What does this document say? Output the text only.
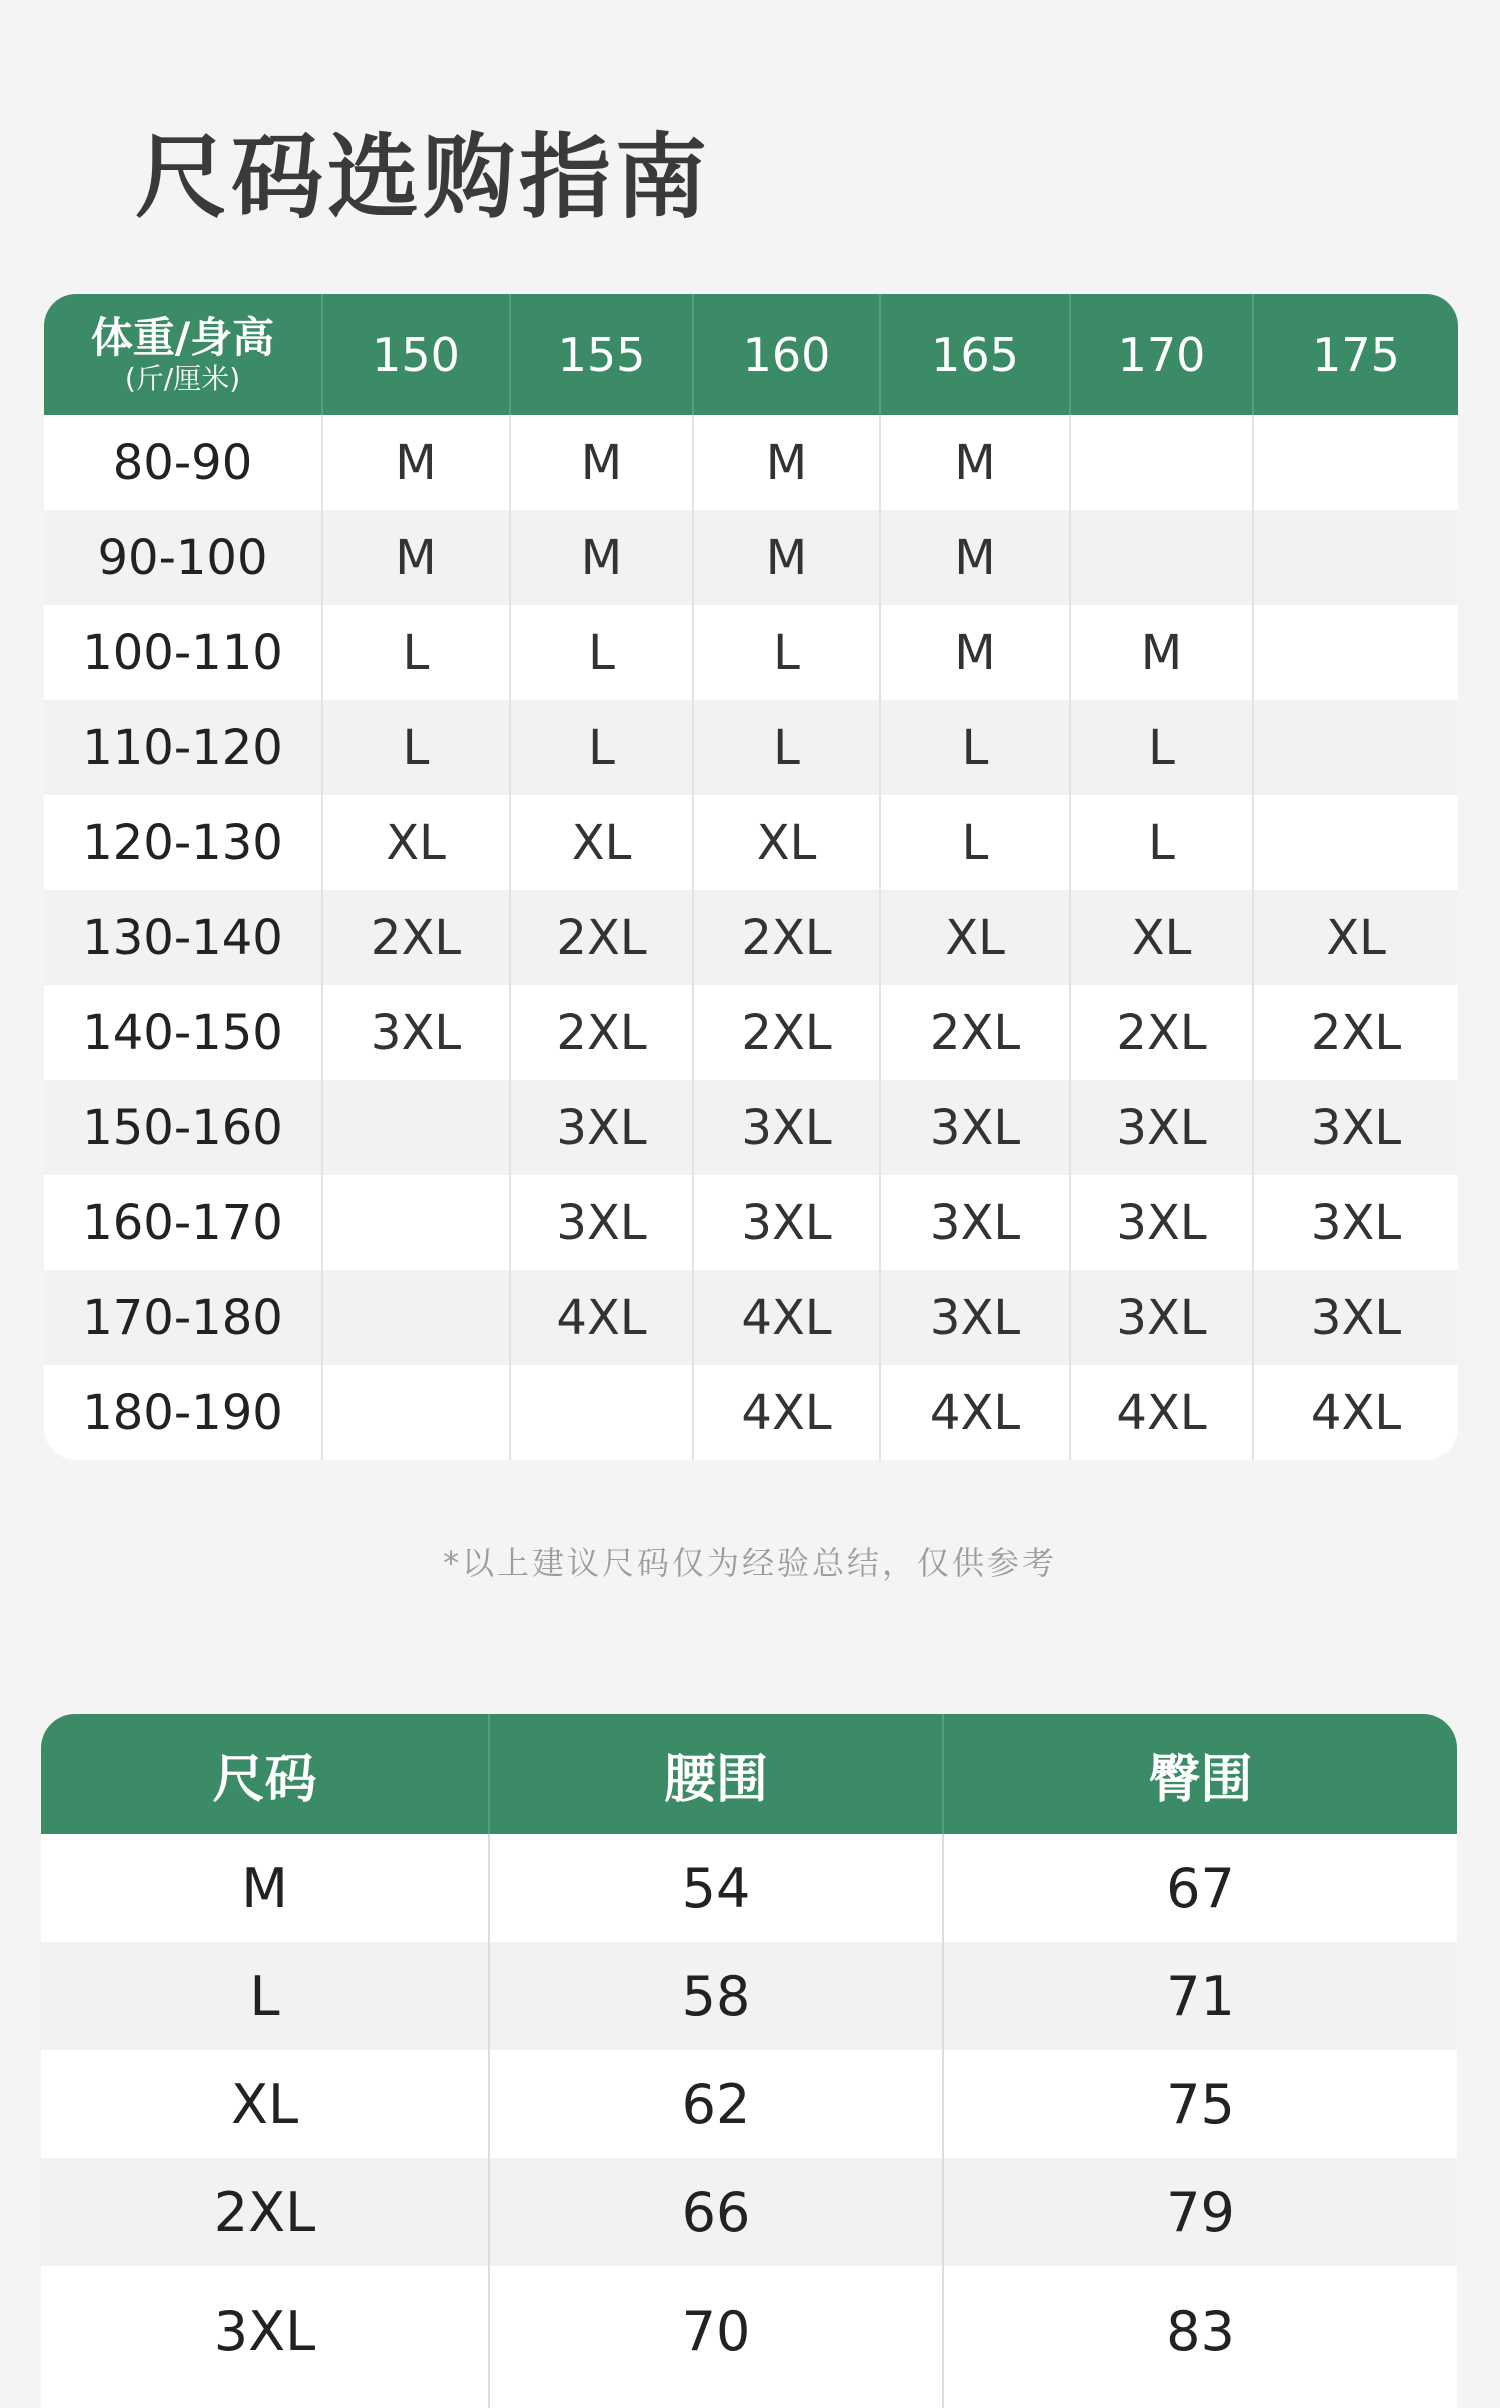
尺码选购指南
体重/身高
(斤/厘米)	150	155	160	165	170	175
80-90	M	M	M	M		
90-100	M	M	M	M		
100-110	L	L	L	M	M	
110-120	L	L	L	L	L	
120-130	XL	XL	XL	L	L	
130-140	2XL	2XL	2XL	XL	XL	XL
140-150	3XL	2XL	2XL	2XL	2XL	2XL
150-160		3XL	3XL	3XL	3XL	3XL
160-170		3XL	3XL	3XL	3XL	3XL
170-180		4XL	4XL	3XL	3XL	3XL
180-190			4XL	4XL	4XL	4XL

*以上建议尺码仅为经验总结，仅供参考

尺码	腰围	臀围
M	54	67
L	58	71
XL	62	75
2XL	66	79
3XL	70	83
